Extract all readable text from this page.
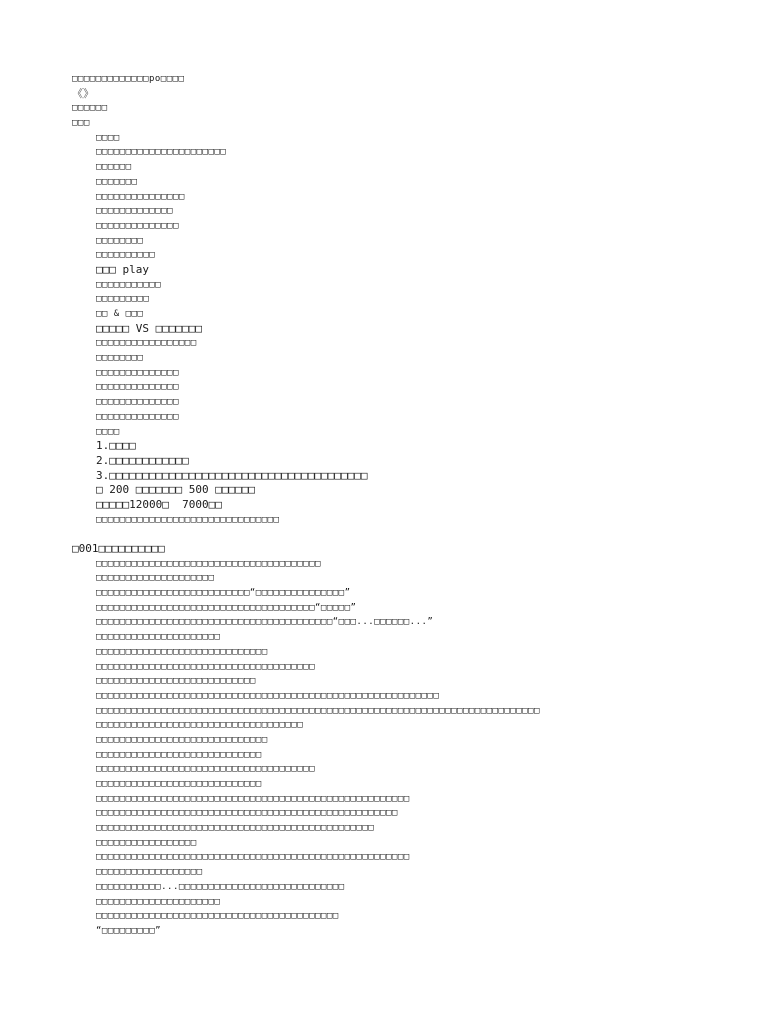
□□□□□□□□□□□□□po□□□□
《》
□□□□□□
□□□
□□□□
□□□□□□□□□□□□□□□□□□□□□□
□□□□□□
□□□□□□□
□□□□□□□□□□□□□□□
□□□□□□□□□□□□□
□□□□□□□□□□□□□□
□□□□□□□□
□□□□□□□□□□
□□□ play
□□□□□□□□□□□
□□□□□□□□□
□□ & □□□
□□□□□ VS □□□□□□□
□□□□□□□□□□□□□□□□□
□□□□□□□□
□□□□□□□□□□□□□□
□□□□□□□□□□□□□□
□□□□□□□□□□□□□□
□□□□□□□□□□□□□□
□□□□
1.□□□□
2.□□□□□□□□□□□□
3.□□□□□□□□□□□□□□□□□□□□□□□□□□□□□□□□□□□□□□□
□ 200 □□□□□□□ 500 □□□□□□
□□□□□12000□  7000□□
□□□□□□□□□□□□□□□□□□□□□□□□□□□□□□□
□001□□□□□□□□□□
□□□□□□□□□□□□□□□□□□□□□□□□□□□□□□□□□□□□□□
□□□□□□□□□□□□□□□□□□□□
□□□□□□□□□□□□□□□□□□□□□□□□□□“□□□□□□□□□□□□□□□”
□□□□□□□□□□□□□□□□□□□□□□□□□□□□□□□□□□□□□“□□□□□”
□□□□□□□□□□□□□□□□□□□□□□□□□□□□□□□□□□□□□□□□“□□□...□□□□□□...”
□□□□□□□□□□□□□□□□□□□□□
□□□□□□□□□□□□□□□□□□□□□□□□□□□□□
□□□□□□□□□□□□□□□□□□□□□□□□□□□□□□□□□□□□□
□□□□□□□□□□□□□□□□□□□□□□□□□□□
□□□□□□□□□□□□□□□□□□□□□□□□□□□□□□□□□□□□□□□□□□□□□□□□□□□□□□□□□□
□□□□□□□□□□□□□□□□□□□□□□□□□□□□□□□□□□□□□□□□□□□□□□□□□□□□□□□□□□□□□□□□□□□□□□□□□□□
□□□□□□□□□□□□□□□□□□□□□□□□□□□□□□□□□□□
□□□□□□□□□□□□□□□□□□□□□□□□□□□□□
□□□□□□□□□□□□□□□□□□□□□□□□□□□□
□□□□□□□□□□□□□□□□□□□□□□□□□□□□□□□□□□□□□
□□□□□□□□□□□□□□□□□□□□□□□□□□□□
□□□□□□□□□□□□□□□□□□□□□□□□□□□□□□□□□□□□□□□□□□□□□□□□□□□□□
□□□□□□□□□□□□□□□□□□□□□□□□□□□□□□□□□□□□□□□□□□□□□□□□□□□
□□□□□□□□□□□□□□□□□□□□□□□□□□□□□□□□□□□□□□□□□□□□□□□
□□□□□□□□□□□□□□□□□
□□□□□□□□□□□□□□□□□□□□□□□□□□□□□□□□□□□□□□□□□□□□□□□□□□□□□
□□□□□□□□□□□□□□□□□□
□□□□□□□□□□□...□□□□□□□□□□□□□□□□□□□□□□□□□□□□
□□□□□□□□□□□□□□□□□□□□□
□□□□□□□□□□□□□□□□□□□□□□□□□□□□□□□□□□□□□□□□□
“□□□□□□□□□”
